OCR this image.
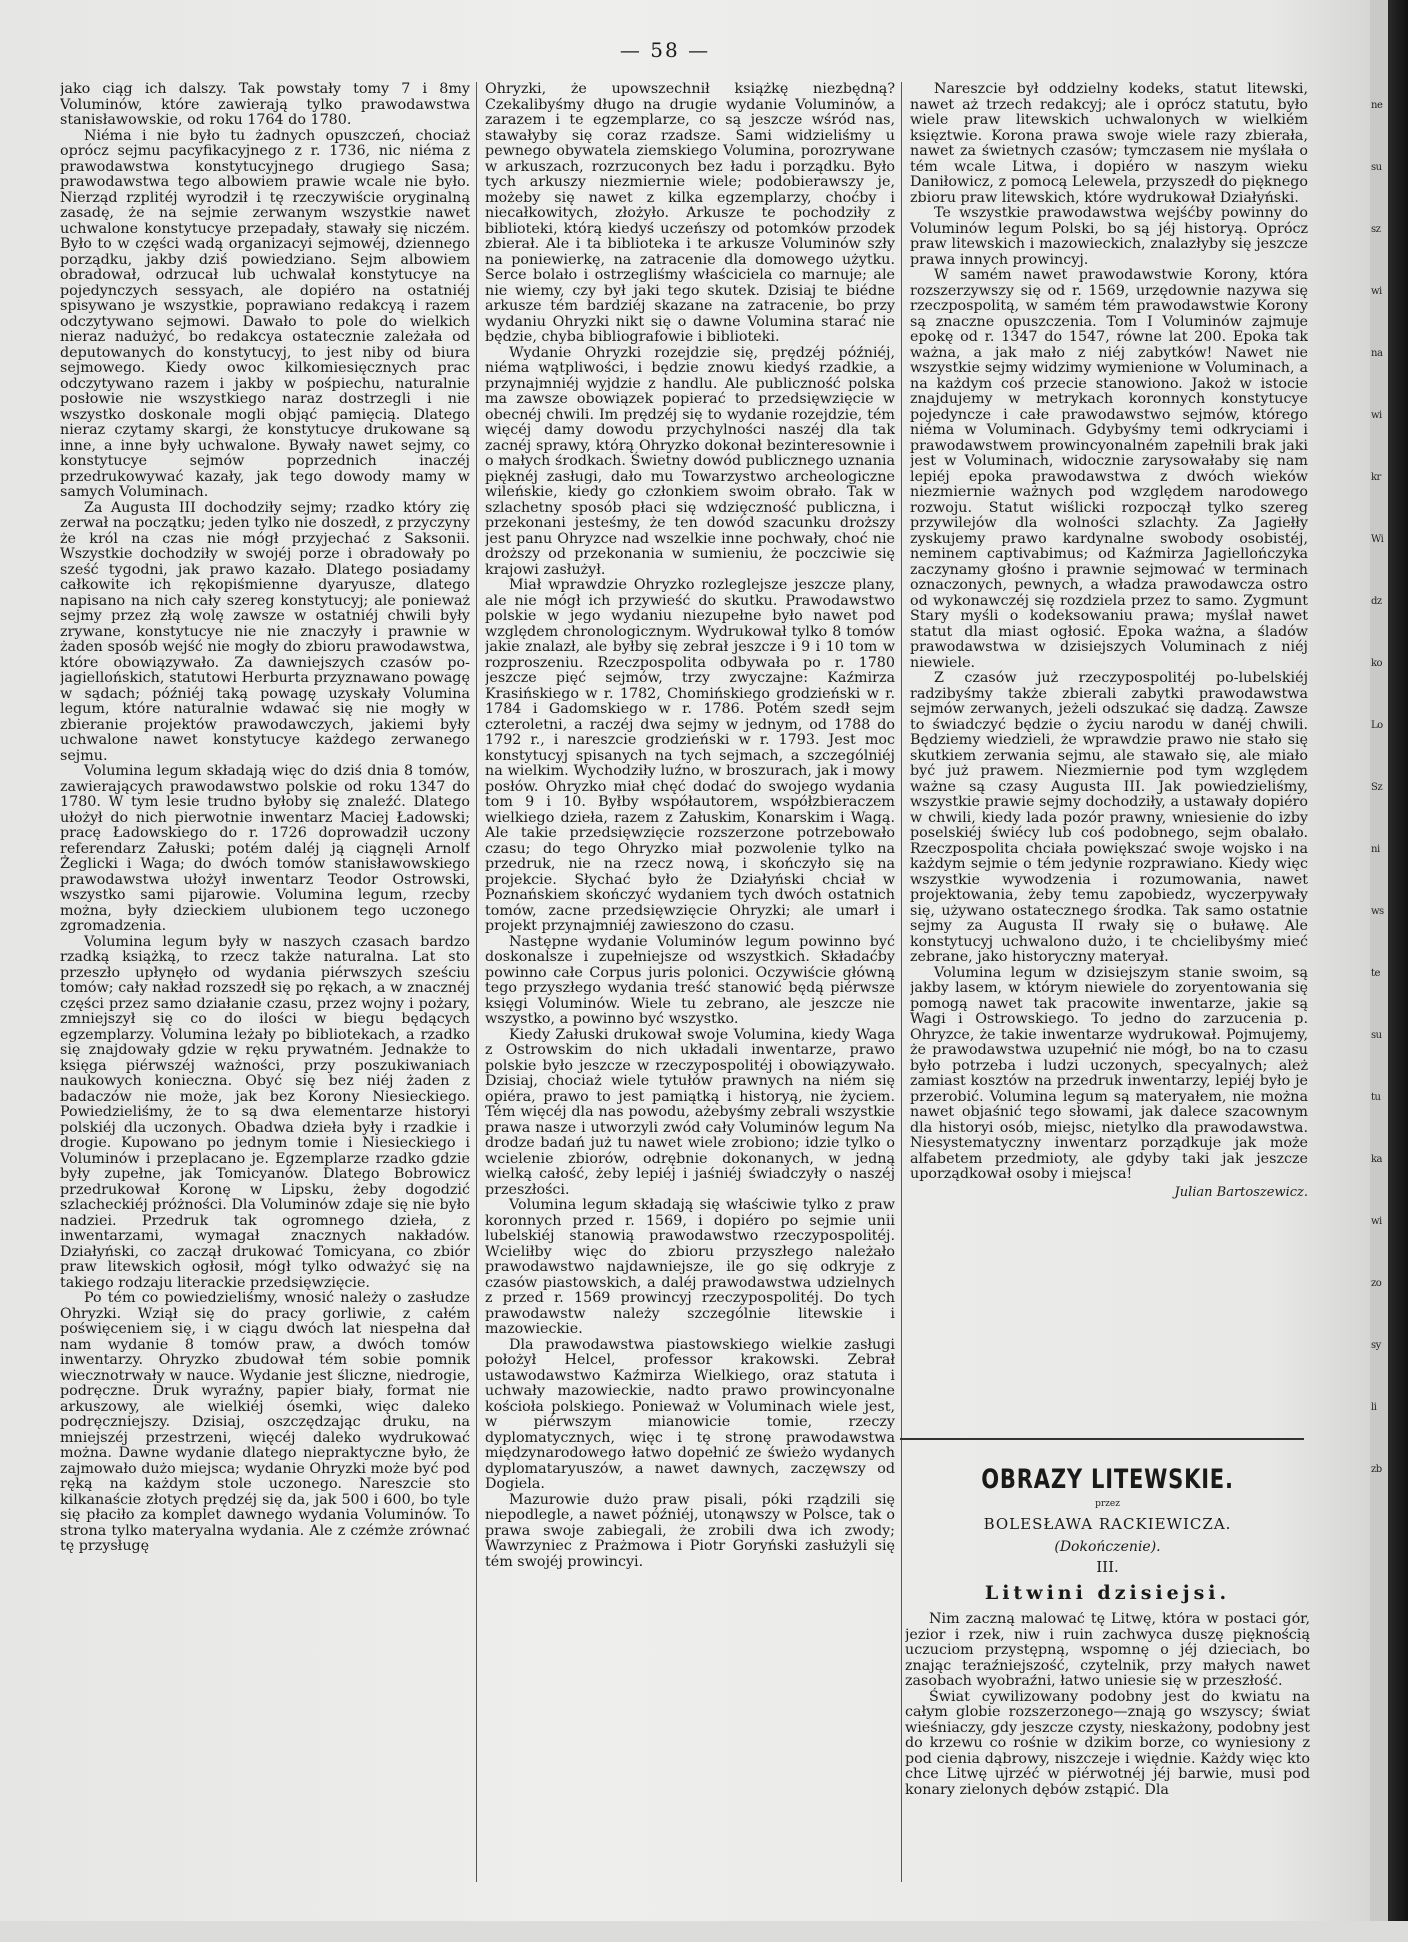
ne
su
sz
wi
na
wi
kr
Wi
dz
ko
Lo
Sz
ni
ws
te
su
tu
ka
wi
zo
sy
li
zb
— 58 —

jako ciąg ich dalszy. Tak powstały tomy 7 i 8my Voluminów, które zawierają tylko prawodawstwa stanisławowskie, od roku 1764 do 1780.

Niéma i nie było tu żadnych opuszczeń, chociaż oprócz sejmu pacyfikacyjnego z r. 1736, nic niéma z prawodawstwa konstytucyjnego drugiego Sasa; prawodawstwa tego albowiem prawie wcale nie było. Nierząd rzplitéj wyrodził i tę rzeczywiście oryginalną zasadę, że na sejmie zerwanym wszystkie nawet uchwalone konstytucye przepadały, stawały się niczém. Było to w części wadą organizacyi sejmowéj, dziennego porządku, jakby dziś powiedziano. Sejm albowiem obradował, odrzucał lub uchwalał konstytucye na pojedynczych sessyach, ale dopiéro na ostatniéj spisywano je wszystkie, poprawiano redakcyą i razem odczytywano sejmowi. Dawało to pole do wielkich nieraz nadużyć, bo redakcya ostatecznie zależała od deputowanych do konstytucyj, to jest niby od biura sejmowego. Kiedy owoc kilkomiesięcznych prac odczytywano razem i jakby w pośpiechu, naturalnie posłowie nie wszystkiego naraz dostrzegli i nie wszystko doskonale mogli objąć pamięcią. Dlatego nieraz czytamy skargi, że konstytucye drukowane są inne, a inne były uchwalone. Bywały nawet sejmy, co konstytucye sejmów poprzednich inaczéj przedrukowywać kazały, jak tego dowody mamy w samych Voluminach.

Za Augusta III dochodziły sejmy; rzadko który zię zerwał na początku; jeden tylko nie doszedł, z przyczyny że król na czas nie mógł przyjechać z Saksonii. Wszystkie dochodziły w swojéj porze i obradowały po sześć tygodni, jak prawo kazało. Dlatego posiadamy całkowite ich rękopiśmienne dyaryusze, dlatego napisano na nich cały szereg konstytucyj; ale ponieważ sejmy przez złą wolę zawsze w ostatniéj chwili były zrywane, konstytucye nie nie znaczyły i prawnie w żaden sposób wejść nie mogły do zbioru prawodawstwa, które obowiązywało. Za dawniejszych czasów po-jagiellońskich, statutowi Herburta przyznawano powagę w sądach; późniéj taką powagę uzyskały Volumina legum, które naturalnie wdawać się nie mogły w zbieranie projektów prawodawczych, jakiemi były uchwalone nawet konstytucye każdego zerwanego sejmu.

Volumina legum składają więc do dziś dnia 8 tomów, zawierających prawodawstwo polskie od roku 1347 do 1780. W tym lesie trudno byłoby się znaleźć. Dlatego ułożył do nich pierwotnie inwentarz Maciej Ładowski; pracę Ładowskiego do r. 1726 doprowadził uczony referendarz Załuski; potém daléj ją ciągnęli Arnolf Żeglicki i Waga; do dwóch tomów stanisławowskiego prawodawstwa ułożył inwentarz Teodor Ostrowski, wszystko sami pijarowie. Volumina legum, rzecby można, były dzieckiem ulubionem tego uczonego zgromadzenia.

Volumina legum były w naszych czasach bardzo rzadką książką, to rzecz także naturalna. Lat sto przeszło upłynęło od wydania piérwszych sześciu tomów; cały nakład rozszedł się po rękach, a w znacznéj części przez samo działanie czasu, przez wojny i pożary, zmniejszył się co do ilości w biegu będących egzemplarzy. Volumina leżały po bibliotekach, a rzadko się znajdowały gdzie w ręku prywatném. Jednakże to księga piérwszéj ważności, przy poszukiwaniach naukowych konieczna. Obyć się bez niéj żaden z badaczów nie może, jak bez Korony Niesieckiego. Powiedzieliśmy, że to są dwa elementarze historyi polskiéj dla uczonych. Obadwa dzieła były i rzadkie i drogie. Kupowano po jednym tomie i Niesieckiego i Voluminów i przeplacano je. Egzemplarze rzadko gdzie były zupełne, jak Tomicyanów. Dlatego Bobrowicz przedrukował Koronę w Lipsku, żeby dogodzić szlacheckiéj próżności. Dla Voluminów zdaje się nie było nadziei. Przedruk tak ogromnego dzieła, z inwentarzami, wymagał znacznych nakładów. Działyński, co zaczął drukować Tomicyana, co zbiór praw litewskich ogłosił, mógł tylko odważyć się na takiego rodzaju literackie przedsięwzięcie.

Po tém co powiedzieliśmy, wnosić należy o zasłudze Ohryzki. Wziął się do pracy gorliwie, z całém poświęceniem się, i w ciągu dwóch lat niespełna dał nam wydanie 8 tomów praw, a dwóch tomów inwentarzy. Ohryzko zbudował tém sobie pomnik wiecznotrwały w nauce. Wydanie jest śliczne, niedrogie, podręczne. Druk wyraźny, papier biały, format nie arkuszowy, ale wielkiéj ósemki, więc daleko podręczniejszy. Dzisiaj, oszczędzając druku, na mniejszéj przestrzeni, więcéj daleko wydrukować można. Dawne wydanie dlatego niepraktyczne było, że zajmowało dużo miejsca; wydanie Ohryzki może być pod ręką na każdym stole uczonego. Nareszcie sto kilkanaście złotych prędzéj się da, jak 500 i 600, bo tyle się płaciło za komplet dawnego wydania Voluminów. To strona tylko materyalna wydania. Ale z czémże zrównać tę przysługę

Ohryzki, że upowszechnił książkę niezbędną? Czekalibyśmy długo na drugie wydanie Voluminów, a zarazem i te egzemplarze, co są jeszcze wśród nas, stawałyby się coraz rzadsze. Sami widzieliśmy u pewnego obywatela ziemskiego Volumina, porozrywane w arkuszach, rozrzuconych bez ładu i porządku. Było tych arkuszy niezmiernie wiele; podobierawszy je, możeby się nawet z kilka egzemplarzy, choćby i niecałkowitych, złożyło. Arkusze te pochodziły z biblioteki, którą kiedyś uczeńszy od potomków przodek zbierał. Ale i ta biblioteka i te arkusze Voluminów szły na poniewierkę, na zatracenie dla domowego użytku. Serce bolało i ostrzegliśmy właściciela co marnuje; ale nie wiemy, czy był jaki tego skutek. Dzisiaj te biédne arkusze tém bardziéj skazane na zatracenie, bo przy wydaniu Ohryzki nikt się o dawne Volumina starać nie będzie, chyba bibliografowie i biblioteki.

Wydanie Ohryzki rozejdzie się, prędzéj późniéj, niéma wątpliwości, i będzie znowu kiedyś rzadkie, a przynajmniéj wyjdzie z handlu. Ale publiczność polska ma zawsze obowiązek popierać to przedsięwzięcie w obecnéj chwili. Im prędzéj się to wydanie rozejdzie, tém więcéj damy dowodu przychylności naszéj dla tak zacnéj sprawy, którą Ohryzko dokonał bezinteresownie i o małych środkach. Świetny dowód publicznego uznania pięknéj zasługi, dało mu Towarzystwo archeologiczne wileńskie, kiedy go członkiem swoim obrało. Tak w szlachetny sposób płaci się wdzięczność publiczna, i przekonani jesteśmy, że ten dowód szacunku droższy jest panu Ohryzce nad wszelkie inne pochwały, choć nie droższy od przekonania w sumieniu, że poczciwie się krajowi zasłużył.

Miał wprawdzie Ohryzko rozleglejsze jeszcze plany, ale nie mógł ich przywieść do skutku. Prawodawstwo polskie w jego wydaniu niezupełne było nawet pod względem chronologicznym. Wydrukował tylko 8 tomów jakie znalazł, ale byłby się zebrał jeszcze i 9 i 10 tom w rozproszeniu. Rzeczpospolita odbywała po r. 1780 jeszcze pięć sejmów, trzy zwyczajne: Kaźmirza Krasińskiego w r. 1782, Chomińskiego grodzieński w r. 1784 i Gadomskiego w r. 1786. Potém szedł sejm czteroletni, a raczéj dwa sejmy w jednym, od 1788 do 1792 r., i nareszcie grodzieński w r. 1793. Jest moc konstytucyj spisanych na tych sejmach, a szczególniéj na wielkim. Wychodziły luźno, w broszurach, jak i mowy posłów. Ohryzko miał chęć dodać do swojego wydania tom 9 i 10. Byłby współautorem, współzbieraczem wielkiego dzieła, razem z Załuskim, Konarskim i Wagą. Ale takie przedsięwzięcie rozszerzone potrzebowało czasu; do tego Ohryzko miał pozwolenie tylko na przedruk, nie na rzecz nową, i skończyło się na projekcie. Słychać było że Działyński chciał w Poznańskiem skończyć wydaniem tych dwóch ostatnich tomów, zacne przedsięwzięcie Ohryzki; ale umarł i projekt przynajmniéj zawieszono do czasu.

Następne wydanie Voluminów legum powinno być doskonalsze i zupełniejsze od wszystkich. Składaćby powinno całe Corpus juris polonici. Oczywiście główną tego przyszłego wydania treść stanowić będą piérwsze księgi Voluminów. Wiele tu zebrano, ale jeszcze nie wszystko, a powinno być wszystko.

Kiedy Załuski drukował swoje Volumina, kiedy Waga z Ostrowskim do nich układali inwentarze, prawo polskie było jeszcze w rzeczypospolitéj i obowiązywało. Dzisiaj, chociaż wiele tytułów prawnych na niém się opiéra, prawo to jest pamiątką i historyą, nie życiem. Tém więcéj dla nas powodu, ażebyśmy zebrali wszystkie prawa nasze i utworzyli zwód cały Voluminów legum Na drodze badań już tu nawet wiele zrobiono; idzie tylko o wcielenie zbiorów, odrębnie dokonanych, w jedną wielką całość, żeby lepiéj i jaśniéj świadczyły o naszéj przeszłości.

Volumina legum składają się właściwie tylko z praw koronnych przed r. 1569, i dopiéro po sejmie unii lubelskiéj stanowią prawodawstwo rzeczypospolitéj. Wcieliłby więc do zbioru przyszłego należało prawodawstwo najdawniejsze, ile go się odkryje z czasów piastowskich, a daléj prawodawstwa udzielnych z przed r. 1569 prowincyj rzeczypospolitéj. Do tych prawodawstw należy szczególnie litewskie i mazowieckie.

Dla prawodawstwa piastowskiego wielkie zasługi położył Helcel, professor krakowski. Zebrał ustawodawstwo Kaźmirza Wielkiego, oraz statuta i uchwały mazowieckie, nadto prawo prowincyonalne kościoła polskiego. Ponieważ w Voluminach wiele jest, w piérwszym mianowicie tomie, rzeczy dyplomatycznych, więc i tę stronę prawodawstwa międzynarodowego łatwo dopełnić ze świeżo wydanych dyplomataryuszów, a nawet dawnych, zaczęwszy od Dogiela.

Mazurowie dużo praw pisali, póki rządzili się niepodlegle, a nawet późniéj, utonąwszy w Polsce, tak o prawa swoje zabiegali, że zrobili dwa ich zwody; Wawrzyniec z Prażmowa i Piotr Goryński zasłużyli się tém swojéj prowincyi.

Nareszcie był oddzielny kodeks, statut litewski, nawet aż trzech redakcyj; ale i oprócz statutu, było wiele praw litewskich uchwalonych w wielkiém księztwie. Korona prawa swoje wiele razy zbierała, nawet za świetnych czasów; tymczasem nie myślała o tém wcale Litwa, i dopiéro w naszym wieku Daniłowicz, z pomocą Lelewela, przyszedł do pięknego zbioru praw litewskich, które wydrukował Działyński.

Te wszystkie prawodawstwa wejśćby powinny do Voluminów legum Polski, bo są jéj historyą. Oprócz praw litewskich i mazowieckich, znalazłyby się jeszcze prawa innych prowincyj.

W samém nawet prawodawstwie Korony, która rozszerzywszy się od r. 1569, urzędownie nazywa się rzeczpospolitą, w samém tém prawodawstwie Korony są znaczne opuszczenia. Tom I Voluminów zajmuje epokę od r. 1347 do 1547, równe lat 200. Epoka tak ważna, a jak mało z niéj zabytków! Nawet nie wszystkie sejmy widzimy wymienione w Voluminach, a na każdym coś przecie stanowiono. Jakoż w istocie znajdujemy w metrykach koronnych konstytucye pojedyncze i całe prawodawstwo sejmów, którego niéma w Voluminach. Gdybyśmy temi odkryciami i prawodawstwem prowincyonalném zapełnili brak jaki jest w Voluminach, widocznie zarysowałaby się nam lepiéj epoka prawodawstwa z dwóch wieków niezmiernie ważnych pod względem narodowego rozwoju. Statut wiślicki rozpoczął tylko szereg przywilejów dla wolności szlachty. Za Jagiełły zyskujemy prawo kardynalne swobody osobistéj, neminem captivabimus; od Kaźmirza Jagiellończyka zaczynamy głośno i prawnie sejmować w terminach oznaczonych, pewnych, a władza prawodawcza ostro od wykonawczéj się rozdziela przez to samo. Zygmunt Stary myśli o kodeksowaniu prawa; myślał nawet statut dla miast ogłosić. Epoka ważna, a śladów prawodawstwa w dzisiejszych Voluminach z niéj niewiele.

Z czasów już rzeczypospolitéj po-lubelskiéj radzibyśmy także zbierali zabytki prawodawstwa sejmów zerwanych, jeżeli odszukać się dadzą. Zawsze to świadczyć będzie o życiu narodu w danéj chwili. Będziemy wiedzieli, że wprawdzie prawo nie stało się skutkiem zerwania sejmu, ale stawało się, ale miało być już prawem. Niezmiernie pod tym względem ważne są czasy Augusta III. Jak powiedzieliśmy, wszystkie prawie sejmy dochodziły, a ustawały dopiéro w chwili, kiedy lada pozór prawny, wniesienie do izby poselskiéj świécy lub coś podobnego, sejm obalało. Rzeczpospolita chciała powiększać swoje wojsko i na każdym sejmie o tém jedynie rozprawiano. Kiedy więc wszystkie wywodzenia i rozumowania, nawet projektowania, żeby temu zapobiedz, wyczerpywały się, używano ostatecznego środka. Tak samo ostatnie sejmy za Augusta II rwały się o buławę. Ale konstytucyj uchwalono dużo, i te chcielibyśmy mieć zebrane, jako historyczny materyał.

Volumina legum w dzisiejszym stanie swoim, są jakby lasem, w którym niewiele do zoryentowania się pomogą nawet tak pracowite inwentarze, jakie są Wagi i Ostrowskiego. To jedno do zarzucenia p. Ohryzce, że takie inwentarze wydrukował. Pojmujemy, że prawodawstwa uzupełnić nie mógł, bo na to czasu było potrzeba i ludzi uczonych, specyalnych; ależ zamiast kosztów na przedruk inwentarzy, lepiéj było je przerobić. Volumina legum są materyałem, nie można nawet objaśnić tego słowami, jak dalece szacownym dla historyi osób, miejsc, nietylko dla prawodawstwa. Niesystematyczny inwentarz porządkuje jak może alfabetem przedmioty, ale gdyby taki jak jeszcze uporządkował osoby i miejsca!

Julian Bartoszewicz.
OBRAZY LITEWSKIE.
przez
BOLESŁAWA RACKIEWICZA.
(Dokończenie).
III.
Litwini dzisiejsi.

Nim zaczną malować tę Litwę, która w postaci gór, jezior i rzek, niw i ruin zachwyca duszę pięknością uczuciom przystępną, wspomnę o jéj dzieciach, bo znając teraźniejszość, czytelnik, przy małych nawet zasobach wyobraźni, łatwo uniesie się w przeszłość.

Świat cywilizowany podobny jest do kwiatu na całym globie rozszerzonego—znają go wszyscy; świat wieśniaczy, gdy jeszcze czysty, nieskażony, podobny jest do krzewu co rośnie w dzikim borze, co wyniesiony z pod cienia dąbrowy, niszczeje i więdnie. Każdy więc kto chce Litwę ujrzéć w piérwotnéj jéj barwie, musi pod konary zielonych dębów zstąpić. Dla
